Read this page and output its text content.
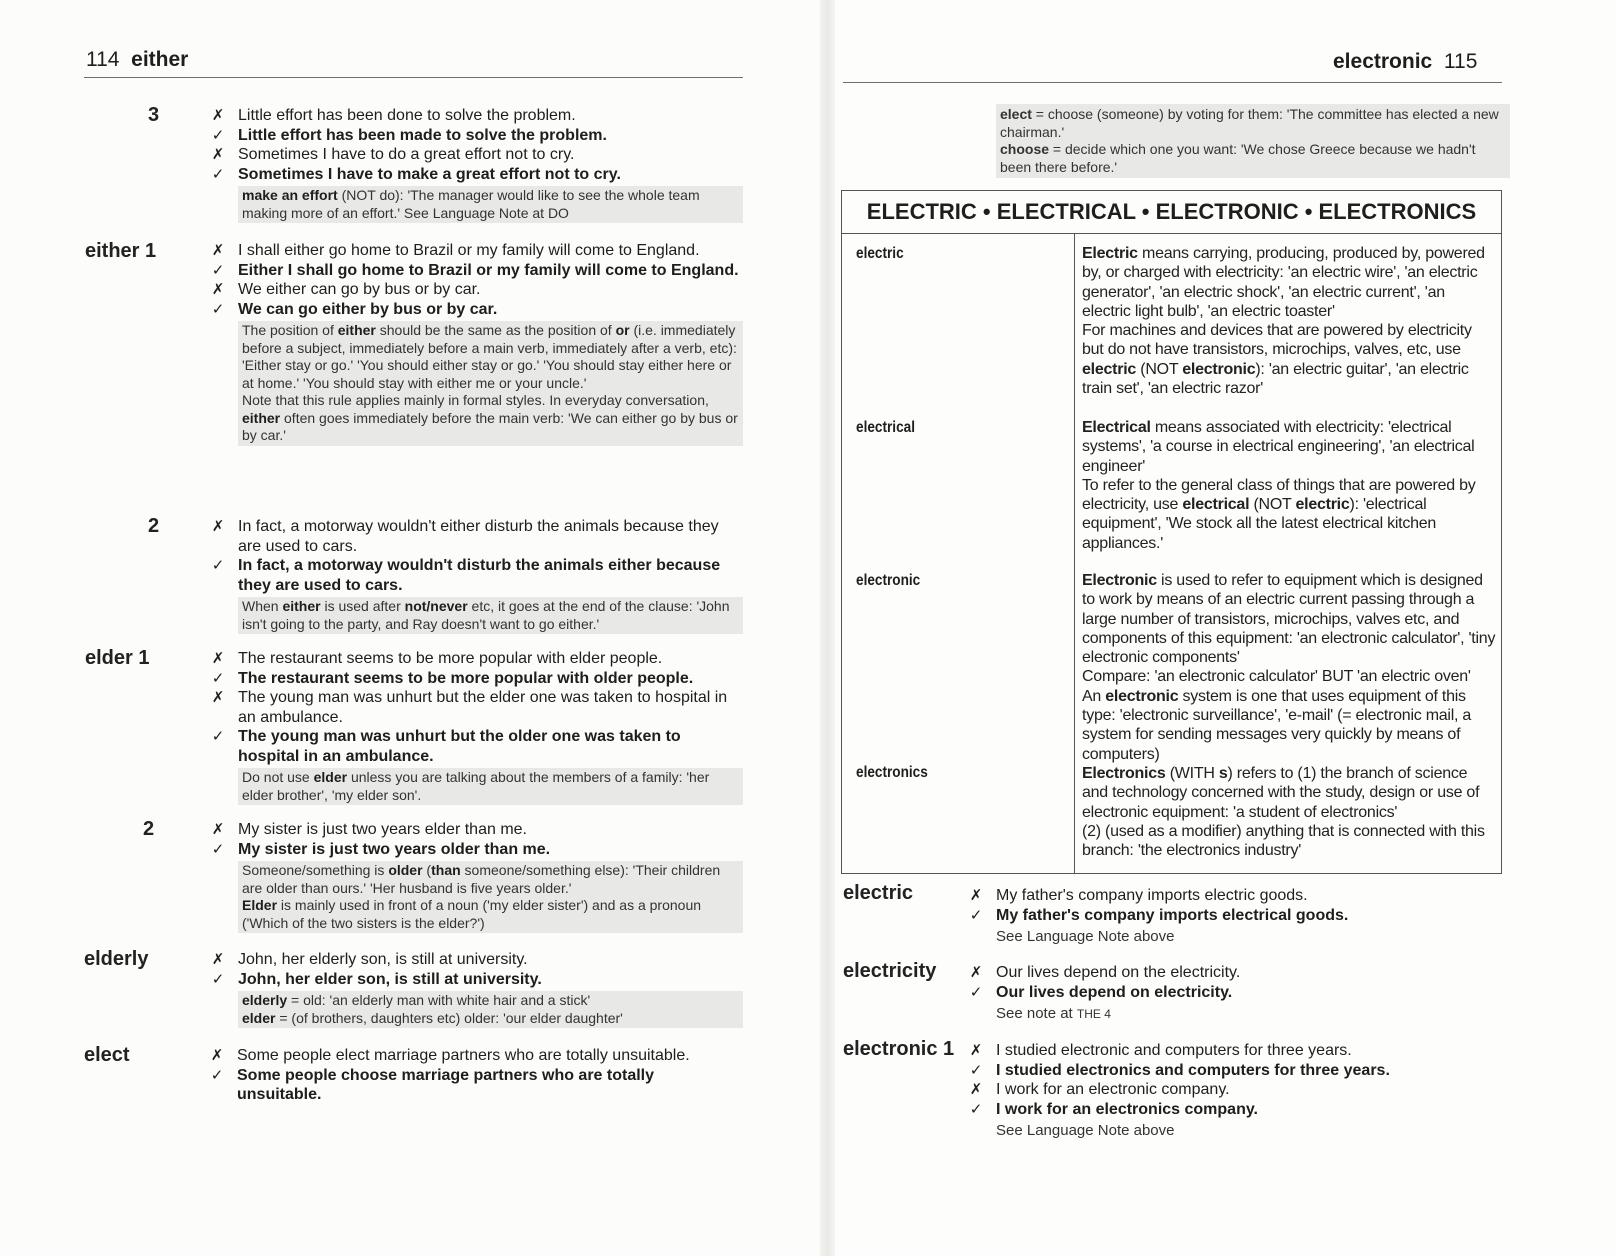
114 either	electronic 115
3	✗ Little effort has been done to solve the problem.
✓ Little effort has been made to solve the problem.
✗ Sometimes I have to do a great effort not to cry.
✓ Sometimes I have to make a great effort not to cry.
make an effort (NOT do): 'The manager would like to see the whole team making more of an effort.' See Language Note at DO
either 1	✗ I shall either go home to Brazil or my family will come to England.
✓ Either I shall go home to Brazil or my family will come to England.
✗ We either can go by bus or by car.
✓ We can go either by bus or by car.
The position of either should be the same as the position of or (i.e. immediately before a subject, immediately before a main verb, immediately after a verb, etc): 'Either stay or go.' 'You should either stay or go.' 'You should stay either here or at home.' 'You should stay with either me or your uncle.'
Note that this rule applies mainly in formal styles. In everyday conversation, either often goes immediately before the main verb: 'We can either go by bus or by car.'
2	✗ In fact, a motorway wouldn't either disturb the animals because they are used to cars.
✓ In fact, a motorway wouldn't disturb the animals either because they are used to cars.
When either is used after not/never etc, it goes at the end of the clause: 'John isn't going to the party, and Ray doesn't want to go either.'
elder 1	✗ The restaurant seems to be more popular with elder people.
✓ The restaurant seems to be more popular with older people.
✗ The young man was unhurt but the elder one was taken to hospital in an ambulance.
✓ The young man was unhurt but the older one was taken to hospital in an ambulance.
Do not use elder unless you are talking about the members of a family: 'her elder brother', 'my elder son'.
2	✗ My sister is just two years elder than me.
✓ My sister is just two years older than me.
Someone/something is older (than someone/something else): 'Their children are older than ours.' 'Her husband is five years older.'
Elder is mainly used in front of a noun ('my elder sister') and as a pronoun ('Which of the two sisters is the elder?')
elderly	✗ John, her elderly son, is still at university.
✓ John, her elder son, is still at university.
elderly = old: 'an elderly man with white hair and a stick'
elder = (of brothers, daughters etc) older: 'our elder daughter'
elect	✗ Some people elect marriage partners who are totally unsuitable.
✓ Some people choose marriage partners who are totally unsuitable.
elect = choose (someone) by voting for them: 'The committee has elected a new chairman.'
choose = decide which one you want: 'We chose Greece because we hadn't been there before.'
ELECTRIC • ELECTRICAL • ELECTRONIC • ELECTRONICS
electric	Electric means carrying, producing, produced by, powered by, or charged with electricity: 'an electric wire', 'an electric generator', 'an electric shock', 'an electric current', 'an electric light bulb', 'an electric toaster'
For machines and devices that are powered by electricity but do not have transistors, microchips, valves, etc, use electric (NOT electronic): 'an electric guitar', 'an electric train set', 'an electric razor'
electrical	Electrical means associated with electricity: 'electrical systems', 'a course in electrical engineering', 'an electrical engineer'
To refer to the general class of things that are powered by electricity, use electrical (NOT electric): 'electrical equipment', 'We stock all the latest electrical kitchen appliances.'
electronic	Electronic is used to refer to equipment which is designed to work by means of an electric current passing through a large number of transistors, microchips, valves etc, and components of this equipment: 'an electronic calculator', 'tiny electronic components'
Compare: 'an electronic calculator' BUT 'an electric oven'
An electronic system is one that uses equipment of this type: 'electronic surveillance', 'e-mail' (= electronic mail, a system for sending messages very quickly by means of computers)
electronics	Electronics (WITH s) refers to (1) the branch of science and technology concerned with the study, design or use of electronic equipment: 'a student of electronics'
(2) (used as a modifier) anything that is connected with this branch: 'the electronics industry'
electric	✗ My father's company imports electric goods.
✓ My father's company imports electrical goods.
See Language Note above
electricity ✗ Our lives depend on the electricity.
✓ Our lives depend on electricity.
See note at THE 4
electronic 1 ✗ I studied electronic and computers for three years.
✓ I studied electronics and computers for three years.
✗ I work for an electronic company.
✓ I work for an electronics company.
See Language Note above
